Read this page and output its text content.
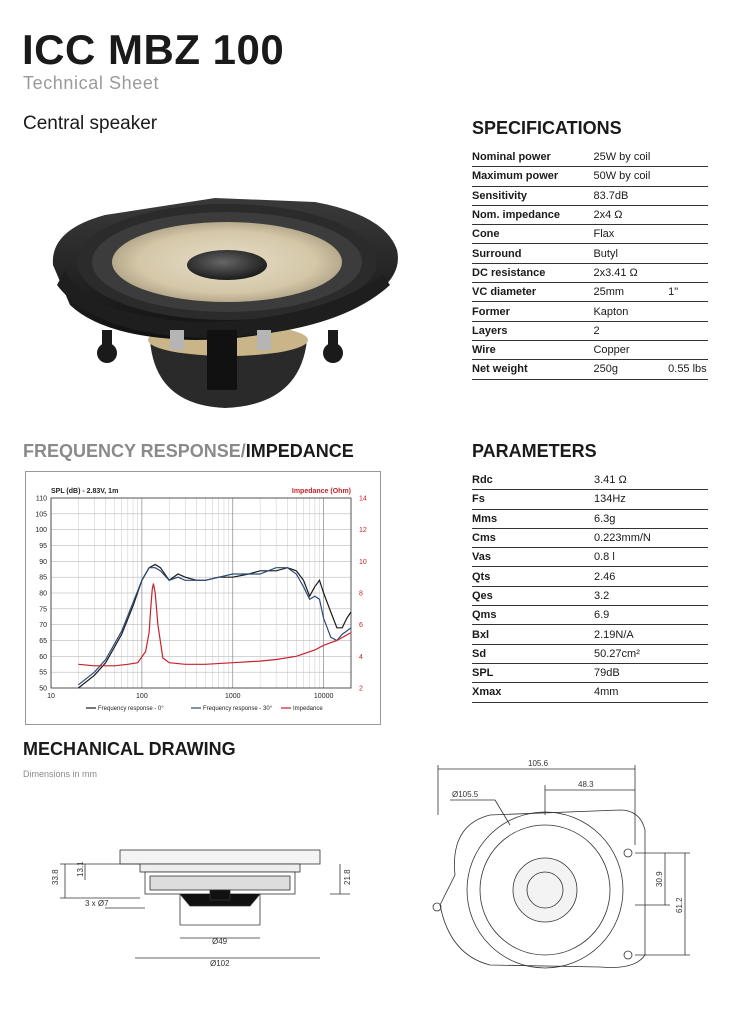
ICC MBZ 100
Technical Sheet
Central speaker	SPECIFICATIONS
Nominal power	25W by coil	
Maximum power	50W by coil	
Sensitivity	83.7dB	
Nom. impedance	2x4 Ω	
Cone	Flax	
Surround	Butyl	
DC resistance	2x3.41 Ω	
VC diameter	25mm	1"
Former	Kapton	
Layers	2	
Wire	Copper	
Net weight	250g	0.55 lbs
FREQUENCY RESPONSE/IMPEDANCE
50
55
60
65
70
75
80
85
90
95
100
105
110
2
4
6
8
10
12
14
10	100	1000	10000
SPL (dB) - 2.83V, 1m	Impedance (Ohm)
Frequency response - 0°	Frequency response - 30°	Impedance
PARAMETERS
Rdc	3.41 Ω
Fs	134Hz
Mms	6.3g
Cms	0.223mm/N
Vas	0.8 l
Qts	2.46
Qes	3.2
Qms	6.9
Bxl	2.19N/A
Sd	50.27cm²
SPL	79dB
Xmax	4mm
MECHANICAL DRAWING
Dimensions in mm
33.8
13.1
21.8
3 x Ø7
Ø49
Ø102
105.6
48.3
Ø105.5
30.9
61.2
